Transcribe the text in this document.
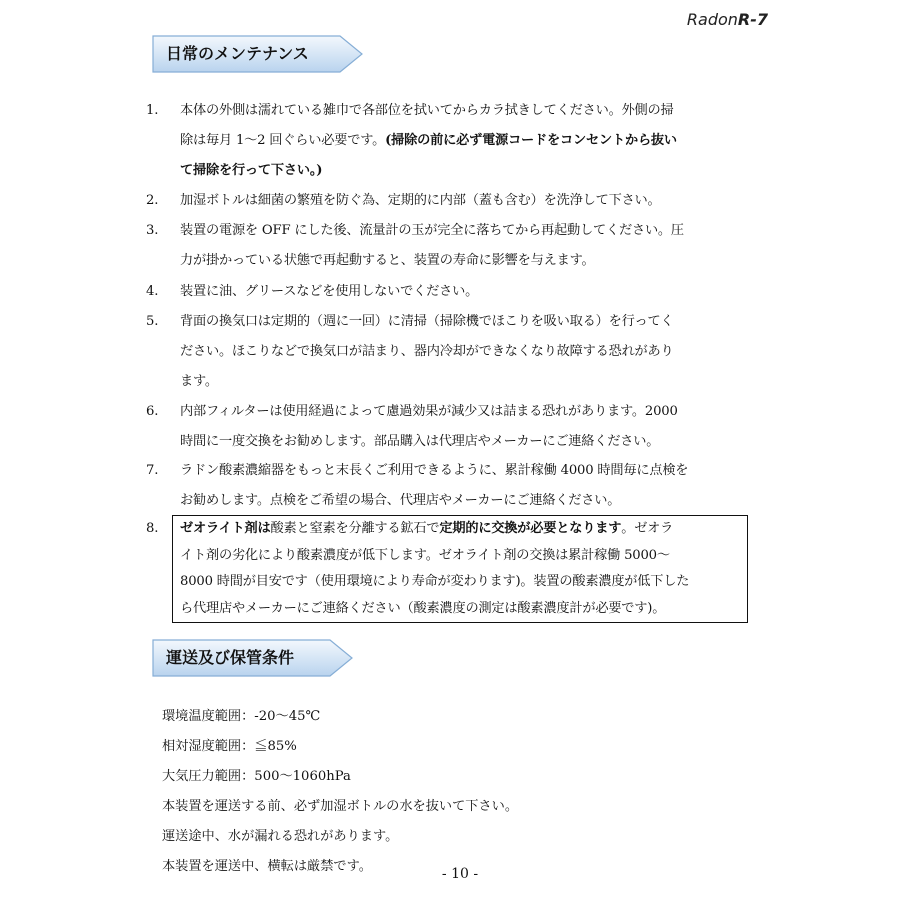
RadonR-7
日常のメンテナンス
1. 本体の外側は濡れている雑巾で各部位を拭いてからカラ拭きしてください。外側の掃
除は毎月 1～2 回ぐらい必要です。(掃除の前に必ず電源コードをコンセントから抜い
て掃除を行って下さい。)
2. 加湿ボトルは細菌の繁殖を防ぐ為、定期的に内部（蓋も含む）を洗浄して下さい。
3. 装置の電源を OFF にした後、流量計の玉が完全に落ちてから再起動してください。圧
力が掛かっている状態で再起動すると、装置の寿命に影響を与えます。
4. 装置に油、グリースなどを使用しないでください。
5. 背面の換気口は定期的（週に一回）に清掃（掃除機でほこりを吸い取る）を行ってく
ださい。ほこりなどで換気口が詰まり、器内冷却ができなくなり故障する恐れがあり
ます。
6. 内部フィルターは使用経過によって慮過効果が減少又は詰まる恐れがあります。2000
時間に一度交換をお勧めします。部品購入は代理店やメーカーにご連絡ください。
7. ラドン酸素濃縮器をもっと末長くご利用できるように、累計稼働 4000 時間毎に点検を
お勧めします。点検をご希望の場合、代理店やメーカーにご連絡ください。
8. ゼオライト剤は酸素と窒素を分離する鉱石で定期的に交換が必要となります。ゼオラ
イト剤の劣化により酸素濃度が低下します。ゼオライト剤の交換は累計稼働 5000～
8000 時間が目安です（使用環境により寿命が変わります)。装置の酸素濃度が低下した
ら代理店やメーカーにご連絡ください（酸素濃度の測定は酸素濃度計が必要です)。
運送及び保管条件
環境温度範囲：-20～45℃
相対湿度範囲：≦85%
大気圧力範囲：500～1060hPa
本装置を運送する前、必ず加湿ボトルの水を抜いて下さい。
運送途中、水が漏れる恐れがあります。
本装置を運送中、横転は厳禁です。	- 10 -
